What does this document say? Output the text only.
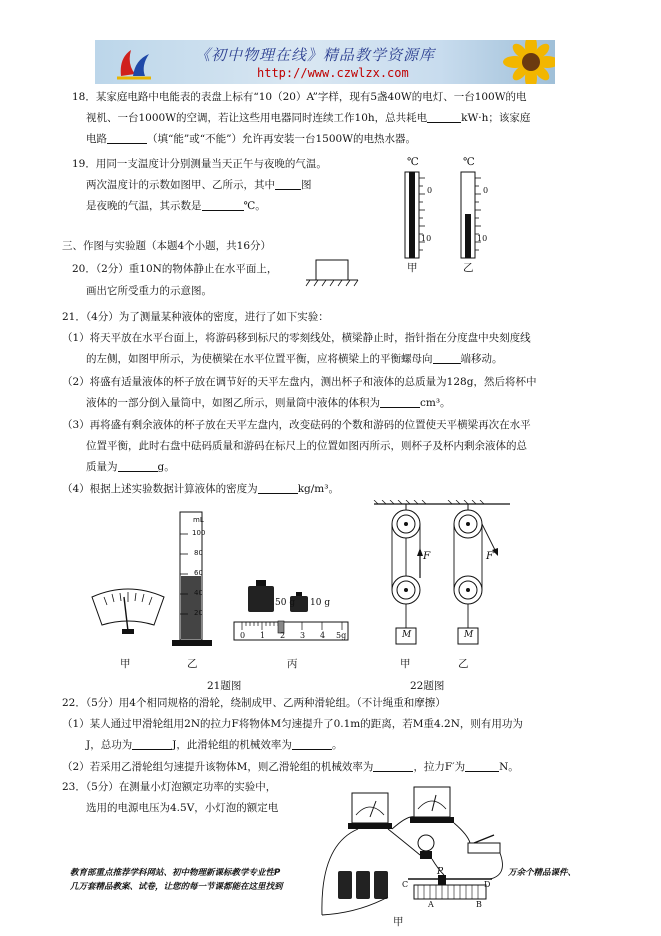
《初中物理在线》精品教学资源库
http://www.czwlzx.com
18．某家庭电路中电能表的表盘上标有“10（20）A”字样，现有5盏40W的电灯、一台100W的电
视机、一台1000W的空调，若让这些用电器同时连续工作10h，总共耗电	kW·h；该家庭
电路	（填“能”或“不能”）允许再安装一台1500W的电热水器。
19．用同一支温度计分别测量当天正午与夜晚的气温。
两次温度计的示数如图甲、乙所示，其中 图
是夜晚的气温，其示数是	℃。
℃	℃
0
10
0
10
甲	乙
三、作图与实验题（本题4个小题，共16分）
20．（2分）重10N的物体静止在水平面上，
画出它所受重力的示意图。
21．（4分）为了测量某种液体的密度，进行了如下实验：
（1）将天平放在水平台面上，将游码移到标尺的零刻线处，横梁静止时，指针指在分度盘中央刻度线
的左侧，如图甲所示，为使横梁在水平位置平衡，应将横梁上的平衡螺母向	端移动。
（2）将盛有适量液体的杯子放在调节好的天平左盘内，测出杯子和液体的总质量为128g，然后将杯中
液体的一部分倒入量筒中，如图乙所示，则量筒中液体的体积为	cm³。
（3）再将盛有剩余液体的杯子放在天平左盘内，改变砝码的个数和游码的位置使天平横梁再次在水平
位置平衡，此时右盘中砝码质量和游码在标尺上的位置如图丙所示，则杯子及杯内剩余液体的总
质量为	g。
（4）根据上述实验数据计算液体的密度为	kg/m³。
mL
100
80
60
40
20
50 g 10 g
0 1 2 3 4 5g
甲	乙	丙
21题图
F	F′
M	M
甲	乙
22题图
22．（5分）用4个相同规格的滑轮，绕制成甲、乙两种滑轮组。（不计绳重和摩擦）
（1）某人通过甲滑轮组用2N的拉力F将物体M匀速提升了0.1m的距离，若M重4.2N，则有用功为
J，总功为	J，此滑轮组的机械效率为	。
（2）若采用乙滑轮组匀速提升该物体M，则乙滑轮组的机械效率为	，拉力F′为	N。
23．（5分）在测量小灯泡额定功率的实验中，
选用的电源电压为4.5V，小灯泡的额定电
P
C	D
A	B
甲
教育部重点推荐学科网站、初中物理新课标教学专业性P	万余个精品课件、
几万套精品教案、试卷，让您的每一节课都能在这里找到
